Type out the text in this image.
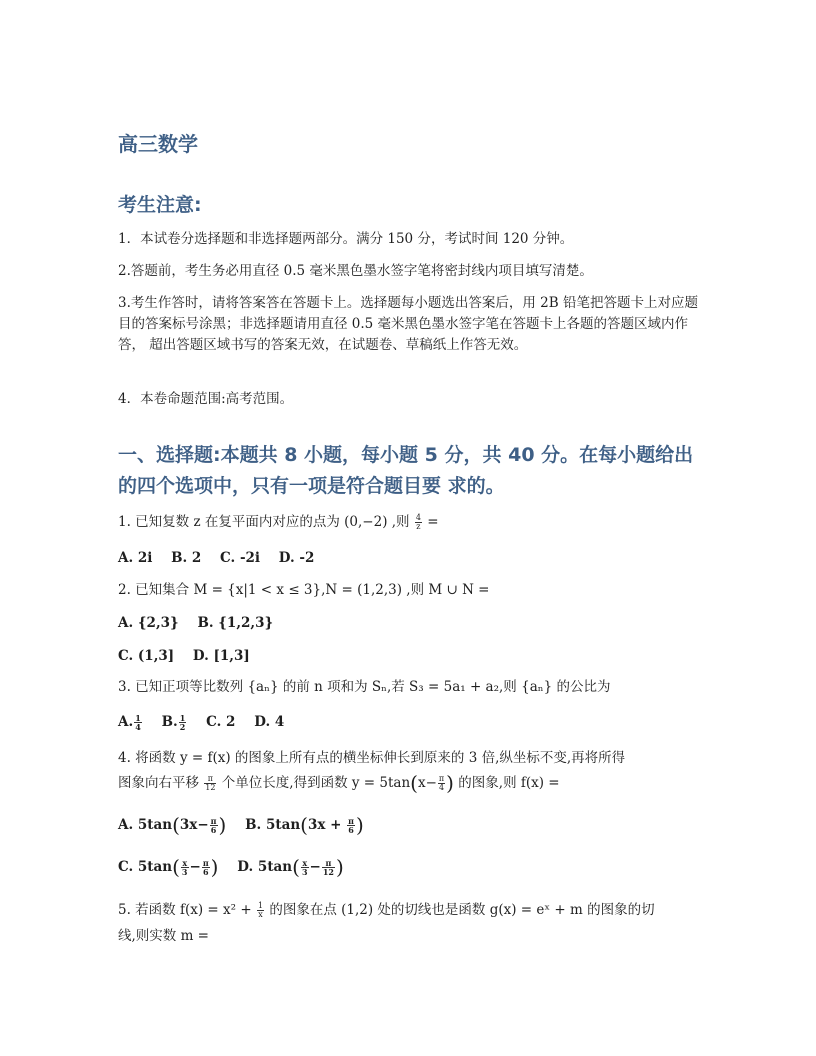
高三数学
考生注意:
1．本试卷分选择题和非选择题两部分。满分 150 分，考试时间 120 分钟。
2.答题前，考生务必用直径 0.5 毫米黑色墨水签字笔将密封线内项目填写清楚。
3.考生作答时，请将答案答在答题卡上。选择题每小题选出答案后，用 2B 铅笔把答题卡上对应题目的答案标号涂黑；非选择题请用直径 0.5 毫米黑色墨水签字笔在答题卡上各题的答题区域内作答， 超出答题区域书写的答案无效，在试题卷、草稿纸上作答无效。
4．本卷命题范围:高考范围。
一、选择题:本题共 8 小题，每小题 5 分，共 40 分。在每小题给出的四个选项中，只有一项是符合题目要 求的。
1. 已知复数 z 在复平面内对应的点为 (0,−2) ,则 $\frac{4}{z}$ =
A. 2i B. 2 C. -2i D. -2
2. 已知集合 M = {x|1 < x ≤ 3},N = (1,2,3) ,则 M ∪ N =
A. {2,3} B. {1,2,3}
C. (1,3] D. [1,3]
3. 已知正项等比数列 {aₙ} 的前 n 项和为 Sₙ,若 S₃ = 5a₁ + a₂,则 {aₙ} 的公比为
A. $\frac{1}{4} B$. $\frac{1}{2} C$. 2 D. 4
4. 将函数 y = f(x) 的图象上所有点的横坐标伸长到原来的 3 倍,纵坐标不变,再将所得
图象向右平移 $\frac{\pi}{12}$ 个单位长度,得到函数 $y = 5\tan(x- \frac{\pi}{4}$ ) 的图象,则 f(x) =
A. $5\tan(3x- \frac{\pi}{6}$ ) B. $5\tan(3x + \frac{\pi}{6}$ )
C. $5\tan( \frac{x}{3} - \frac{\pi}{6}$ ) D. $5\tan( \frac{x}{3} - \frac{\pi}{12}$ )
5. 若函数 $f(x) = x^2 + \frac{1}{x}$ 的图象在点 (1,2) 处的切线也是函数 g(x) = eˣ + m 的图象的切
线,则实数 m =
